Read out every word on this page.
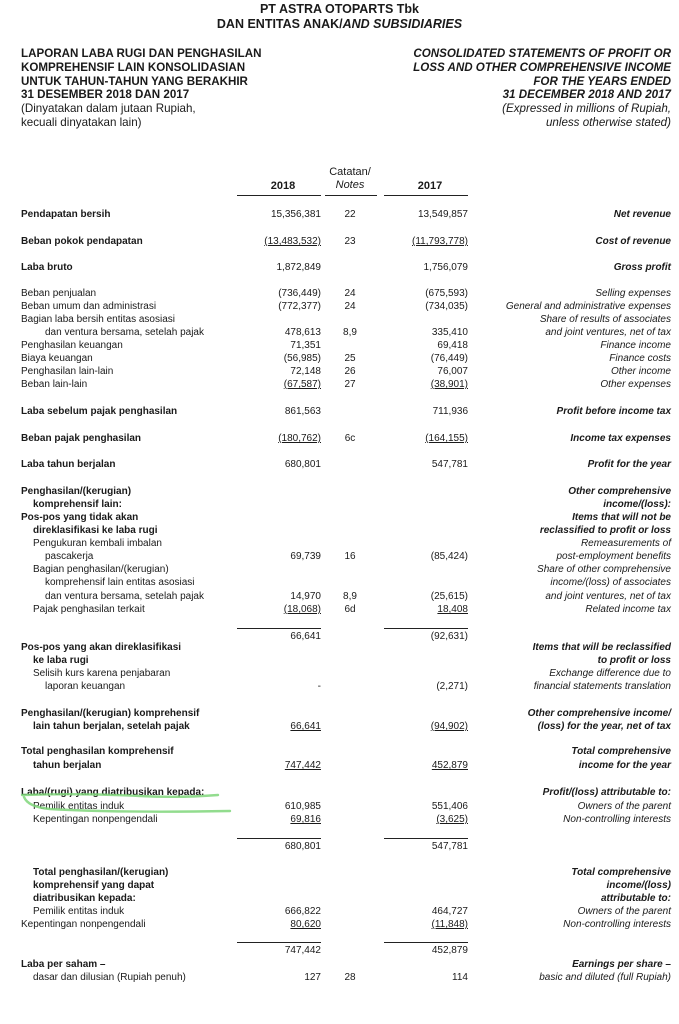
PT ASTRA OTOPARTS Tbk
DAN ENTITAS ANAK/AND SUBSIDIARIES
LAPORAN LABA RUGI DAN PENGHASILAN
KOMPREHENSIF LAIN KONSOLIDASIAN
UNTUK TAHUN-TAHUN YANG BERAKHIR
31 DESEMBER 2018 DAN 2017
(Dinyatakan dalam jutaan Rupiah,
kecuali dinyatakan lain)
CONSOLIDATED STATEMENTS OF PROFIT OR
LOSS AND OTHER COMPREHENSIVE INCOME
FOR THE YEARS ENDED
31 DECEMBER 2018 AND 2017
(Expressed in millions of Rupiah,
unless otherwise stated)
2018
Catatan/
Notes	2017
Pendapatan bersih	15,356,381	22	13,549,857	Net revenue
Beban pokok pendapatan	(13,483,532)	23	(11,793,778)	Cost of revenue
Laba bruto	1,872,849	1,756,079	Gross profit
Beban penjualan	(736,449)	24	(675,593)	Selling expenses
Beban umum dan administrasi	(772,377)	24	(734,035)	General and administrative expenses
Bagian laba bersih entitas asosiasi	Share of results of associates
dan ventura bersama, setelah pajak	478,613	8,9	335,410	and joint ventures, net of tax
Penghasilan keuangan	71,351	69,418	Finance income
Biaya keuangan	(56,985)	25	(76,449)	Finance costs
Penghasilan lain-lain	72,148	26	76,007	Other income
Beban lain-lain	(67,587)	27	(38,901)	Other expenses
Laba sebelum pajak penghasilan	861,563	711,936	Profit before income tax
Beban pajak penghasilan	(180,762)	6c	(164,155)	Income tax expenses
Laba tahun berjalan	680,801	547,781	Profit for the year
Penghasilan/(kerugian)	Other comprehensive
komprehensif lain:	income/(loss):
Pos-pos yang tidak akan	Items that will not be
direklasifikasi ke laba rugi	reclassified to profit or loss
Pengukuran kembali imbalan	Remeasurements of
pascakerja	69,739	16	(85,424)	post-employment benefits
Bagian penghasilan/(kerugian)	Share of other comprehensive
komprehensif lain entitas asosiasi	income/(loss) of associates
dan ventura bersama, setelah pajak	14,970	8,9	(25,615)	and joint ventures, net of tax
Pajak penghasilan terkait	(18,068)	6d	18,408	Related income tax
66,641	(92,631)
Pos-pos yang akan direklasifikasi	Items that will be reclassified
ke laba rugi	to profit or loss
Selisih kurs karena penjabaran	Exchange difference due to
laporan keuangan	-	(2,271)	financial statements translation
Penghasilan/(kerugian) komprehensif	Other comprehensive income/
lain tahun berjalan, setelah pajak	66,641	(94,902)	(loss) for the year, net of tax
Total penghasilan komprehensif	Total comprehensive
tahun berjalan	747,442	452,879	income for the year
Laba/(rugi) yang diatribusikan kepada:	Profit/(loss) attributable to:
Pemilik entitas induk	610,985	551,406	Owners of the parent
Kepentingan nonpengendali	69,816	(3,625)	Non-controlling interests
680,801	547,781
Total penghasilan/(kerugian)	Total comprehensive
komprehensif yang dapat	income/(loss)
diatribusikan kepada:	attributable to:
Pemilik entitas induk	666,822	464,727	Owners of the parent
Kepentingan nonpengendali	80,620	(11,848)	Non-controlling interests
747,442	452,879
Laba per saham –	Earnings per share –
dasar dan dilusian (Rupiah penuh)	127	28	114	basic and diluted (full Rupiah)
